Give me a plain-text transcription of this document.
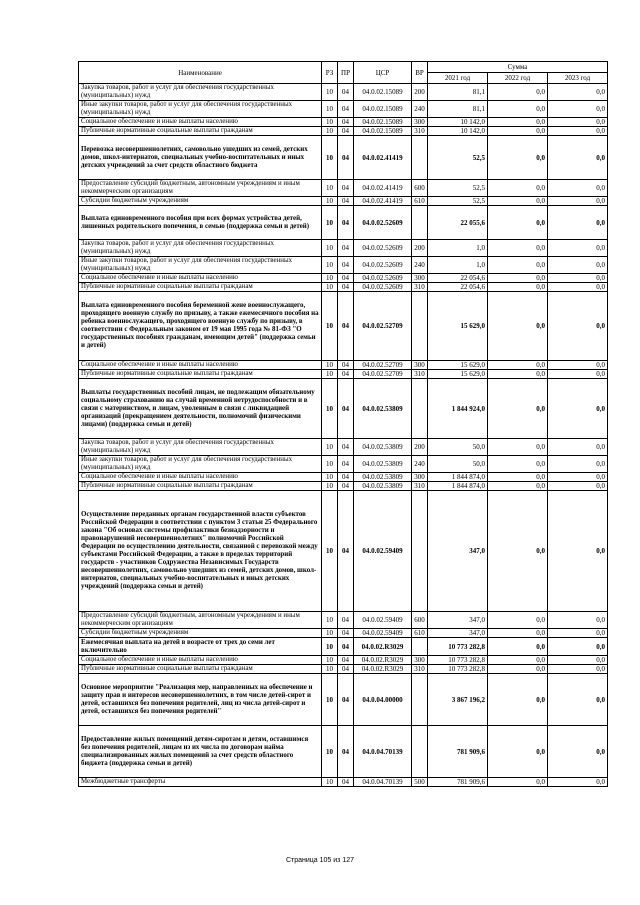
Наименование	РЗ	ПР	ЦСР	ВР	Сумма		
					2021 год	2022 год	2023 год
Закупка товаров, работ и услуг для обеспечения государственных (муниципальных) нужд	10	04	04.0.02.15089	200	81,1	0,0	0,0
Иные закупки товаров, работ и услуг для обеспечения государственных (муниципальных) нужд	10	04	04.0.02.15089	240	81,1	0,0	0,0
Социальное обеспечение и иные выплаты населению	10	04	04.0.02.15089	300	10 142,0	0,0	0,0
Публичные нормативные социальные выплаты гражданам	10	04	04.0.02.15089	310	10 142,0	0,0	0,0
Перевозка несовершеннолетних, самовольно ушедших из семей, детских домов, школ-интернатов, специальных учебно-воспитательных и иных детских учреждений за счет средств областного бюджета	10	04	04.0.02.41419		52,5	0,0	0,0
Предоставление субсидий бюджетным, автономным учреждениям и иным некоммерческим организациям	10	04	04.0.02.41419	600	52,5	0,0	0,0
Субсидии бюджетным учреждениям	10	04	04.0.02.41419	610	52,5	0,0	0,0
Выплата единовременного пособия при всех формах устройства детей, лишенных родительского попечения, в семью (поддержка семьи и детей)	10	04	04.0.02.52609		22 055,6	0,0	0,0
Закупка товаров, работ и услуг для обеспечения государственных (муниципальных) нужд	10	04	04.0.02.52609	200	1,0	0,0	0,0
Иные закупки товаров, работ и услуг для обеспечения государственных (муниципальных) нужд	10	04	04.0.02.52609	240	1,0	0,0	0,0
Социальное обеспечение и иные выплаты населению	10	04	04.0.02.52609	300	22 054,6	0,0	0,0
Публичные нормативные социальные выплаты гражданам	10	04	04.0.02.52609	310	22 054,6	0,0	0,0
Выплата единовременного пособия беременной жене военнослужащего, проходящего военную службу по призыву, а также ежемесячного пособия на ребенка военнослужащего, проходящего военную службу по призыву, в соответствии с Федеральным законом от 19 мая 1995 года № 81-ФЗ "О государственных пособиях гражданам, имеющим детей" (поддержка семьи и детей)	10	04	04.0.02.52709		15 629,0	0,0	0,0
Социальное обеспечение и иные выплаты населению	10	04	04.0.02.52709	300	15 629,0	0,0	0,0
Публичные нормативные социальные выплаты гражданам	10	04	04.0.02.52709	310	15 629,0	0,0	0,0
Выплаты государственных пособий лицам, не подлежащим обязательному социальному страхованию на случай временной нетрудоспособности и в связи с материнством, и лицам, уволенным в связи с ликвидацией организаций (прекращением деятельности, полномочий физическими лицами) (поддержка семьи и детей)	10	04	04.0.02.53809		1 844 924,0	0,0	0,0
Закупка товаров, работ и услуг для обеспечения государственных (муниципальных) нужд	10	04	04.0.02.53809	200	50,0	0,0	0,0
Иные закупки товаров, работ и услуг для обеспечения государственных (муниципальных) нужд	10	04	04.0.02.53809	240	50,0	0,0	0,0
Социальное обеспечение и иные выплаты населению	10	04	04.0.02.53809	300	1 844 874,0	0,0	0,0
Публичные нормативные социальные выплаты гражданам	10	04	04.0.02.53809	310	1 844 874,0	0,0	0,0
Осуществление переданных органам государственной власти субъектов Российской Федерации в соответствии с пунктом 3 статьи 25 Федерального закона "Об основах системы профилактики безнадзорности и правонарушений несовершеннолетних" полномочий Российской Федерации по осуществлению деятельности, связанной с перевозкой между субъектами Российской Федерации, а также в пределах территорий государств - участников Содружества Независимых Государств несовершеннолетних, самовольно ушедших из семей, детских домов, школ-интернатов, специальных учебно-воспитательных и иных детских учреждений (поддержка семьи и детей)	10	04	04.0.02.59409		347,0	0,0	0,0
Предоставление субсидий бюджетным, автономным учреждениям и иным некоммерческим организациям	10	04	04.0.02.59409	600	347,0	0,0	0,0
Субсидии бюджетным учреждениям	10	04	04.0.02.59409	610	347,0	0,0	0,0
Ежемесячная выплата на детей в возрасте от трех до семи лет включительно	10	04	04.0.02.R3029		10 773 282,8	0,0	0,0
Социальное обеспечение и иные выплаты населению	10	04	04.0.02.R3029	300	10 773 282,8	0,0	0,0
Публичные нормативные социальные выплаты гражданам	10	04	04.0.02.R3029	310	10 773 282,8	0,0	0,0
Основное мероприятие "Реализация мер, направленных на обеспечение и защиту прав и интересов несовершеннолетних, в том числе детей-сирот и детей, оставшихся без попечения родителей, лиц из числа детей-сирот и детей, оставшихся без попечения родителей"	10	04	04.0.04.00000		3 867 196,2	0,0	0,0
Предоставление жилых помещений детям-сиротам и детям, оставшимся без попечения родителей, лицам из их числа по договорам найма специализированных жилых помещений за счет средств областного бюджета (поддержка семьи и детей)	10	04	04.0.04.70139		781 909,6	0,0	0,0
Межбюджетные трансферты	10	04	04.0.04.70139	500	781 909,6	0,0	0,0
Страница 105 из 127
